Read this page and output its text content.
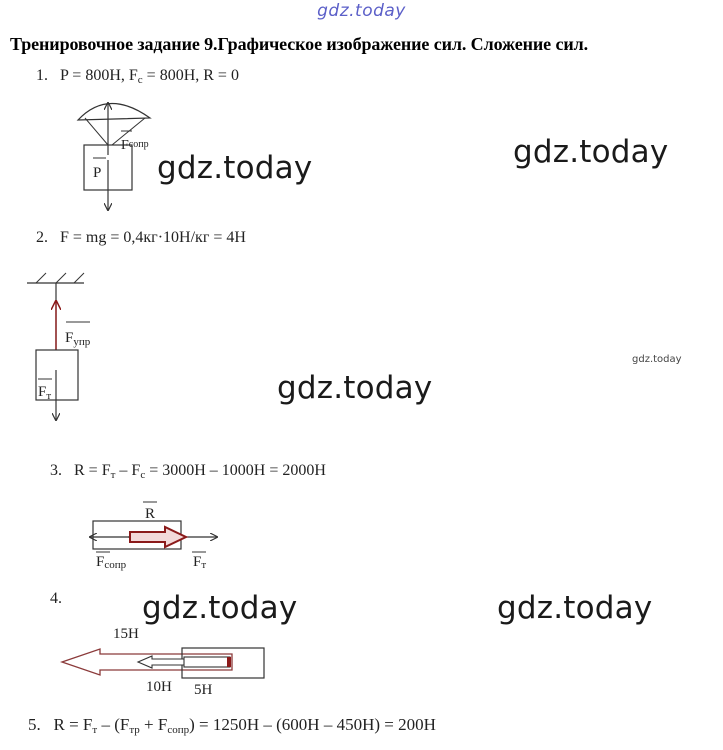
gdz.today
Тренировочное задание 9.Графическое изображение сил. Сложение сил.
1. P = 800H, $F_c = 800H$, R = 0
2. F = mg = 0,4кг·10Н/кг = 4Н
3. $R = F_т - F_с = 3000H - 1000H = 2000H$
4.
5. $R = F_т - (F_{тр} + F_{сопр}) = 1250H - (600H - 450H) = 200H$
gdz.today	gdz.today
gdz.today
gdz.today
gdz.today	gdz.today
P
Fсопр
$F_{упр}$
$F_т$
R
Fсопр	Fт
15H
10H 5H
